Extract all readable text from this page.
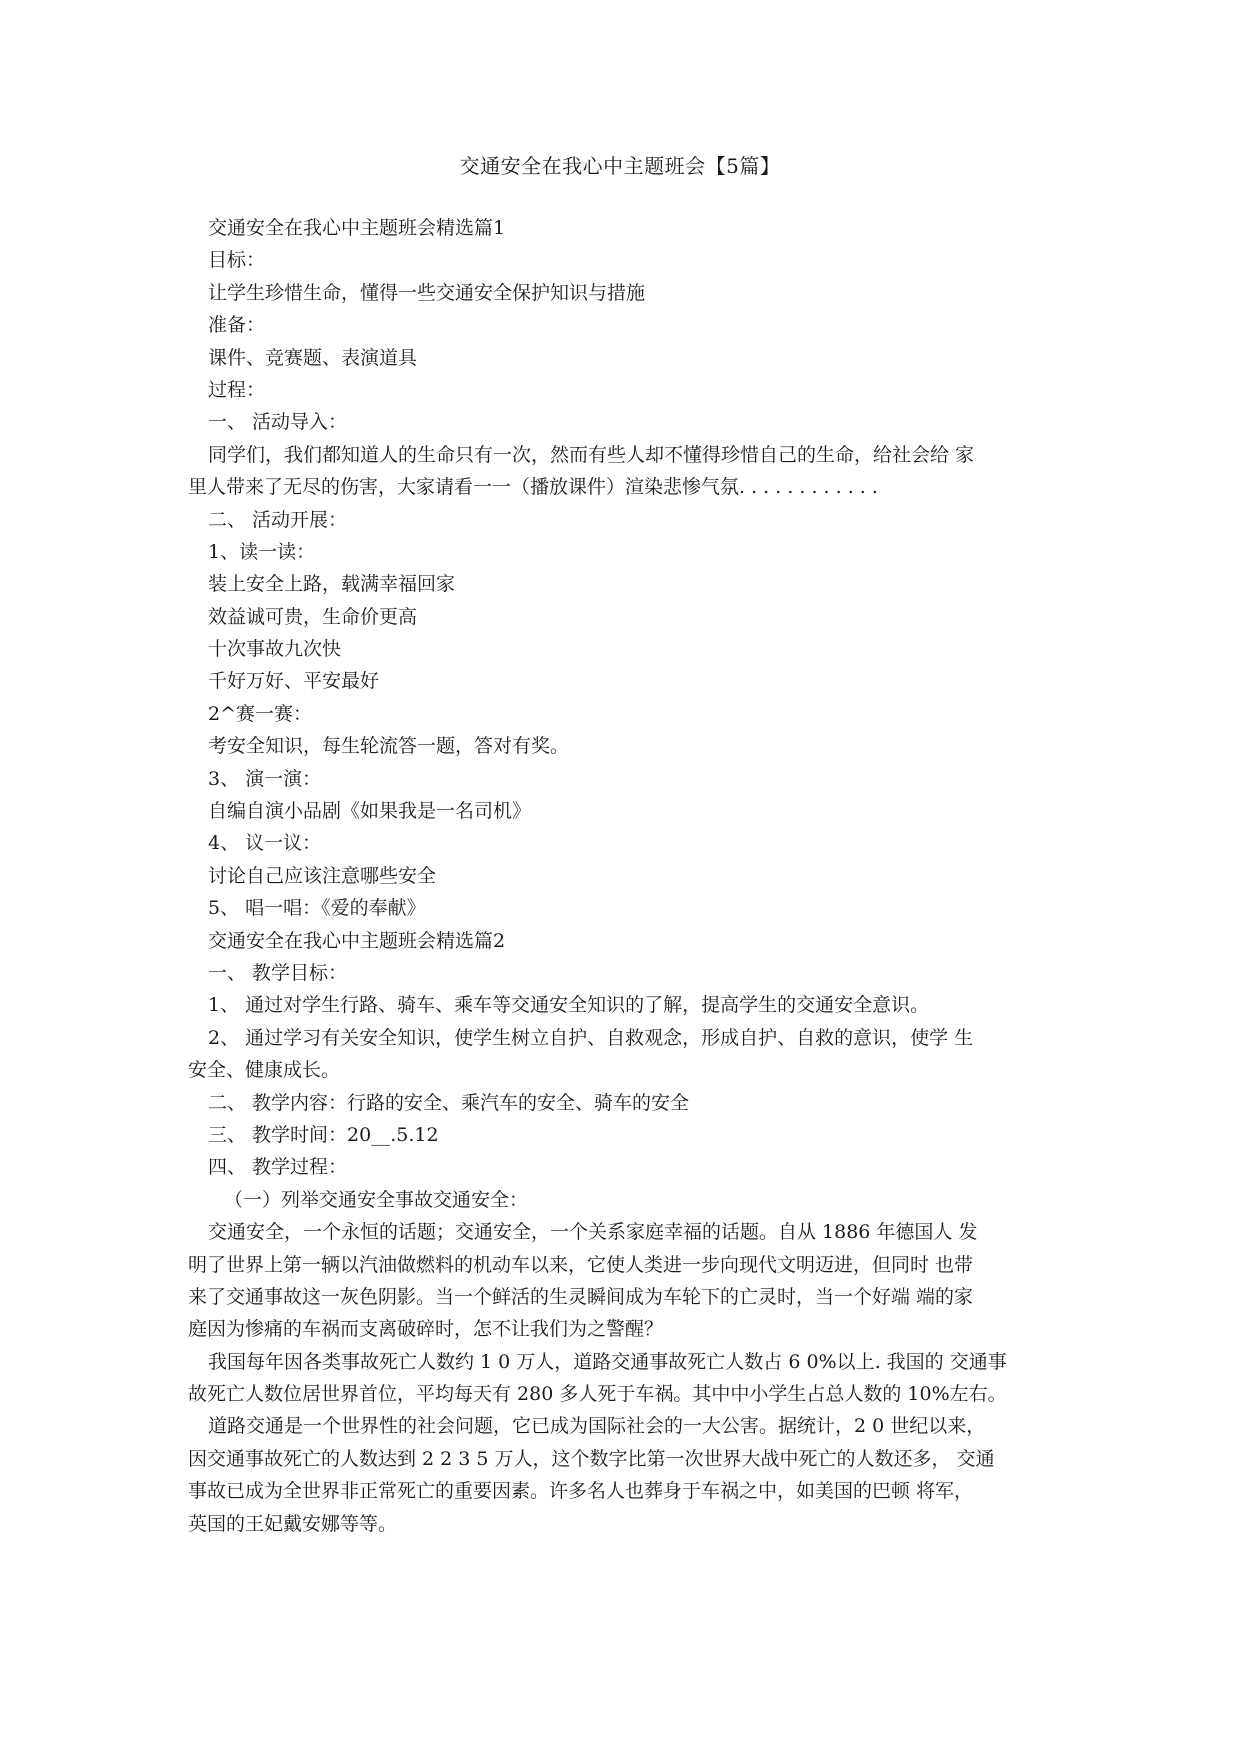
交通安全在我心中主题班会【5篇】
交通安全在我心中主题班会精选篇1
目标：
让学生珍惜生命，懂得一些交通安全保护知识与措施
准备：
课件、竞赛题、表演道具
过程：
一、 活动导入：
同学们，我们都知道人的生命只有一次，然而有些人却不懂得珍惜自己的生命，给社会给 家
里人带来了无尽的伤害，大家请看一一（播放课件）渲染悲惨气氛. . . . . . . . . . . .
二、 活动开展：
1、读一读：
装上安全上路，载满幸福回家
效益诚可贵，生命价更高
十次事故九次快
千好万好、平安最好
2^赛一赛：
考安全知识，每生轮流答一题，答对有奖。
3、 演一演：
自编自演小品剧《如果我是一名司机》
4、 议一议：
讨论自己应该注意哪些安全
5、 唱一唱：《爱的奉献》
交通安全在我心中主题班会精选篇2
一、 教学目标：
1、 通过对学生行路、骑车、乘车等交通安全知识的了解，提高学生的交通安全意识。
2、 通过学习有关安全知识，使学生树立自护、自救观念，形成自护、自救的意识，使学 生
安全、健康成长。
二、 教学内容：行路的安全、乘汽车的安全、骑车的安全
三、 教学时间：20__.5.12
四、 教学过程：
（一）列举交通安全事故交通安全：
交通安全，一个永恒的话题；交通安全，一个关系家庭幸福的话题。自从 1886 年德国人 发
明了世界上第一辆以汽油做燃料的机动车以来，它使人类进一步向现代文明迈进，但同时 也带
来了交通事故这一灰色阴影。当一个鲜活的生灵瞬间成为车轮下的亡灵时，当一个好端 端的家
庭因为惨痛的车祸而支离破碎时，怎不让我们为之警醒？
我国每年因各类事故死亡人数约 1 0 万人，道路交通事故死亡人数占 6 0%以上. 我国的 交通事
故死亡人数位居世界首位，平均每天有 280 多人死于车祸。其中中小学生占总人数的 10%左右。
道路交通是一个世界性的社会问题，它已成为国际社会的一大公害。据统计，2 0 世纪以来，
因交通事故死亡的人数达到 2 2 3 5 万人，这个数字比第一次世界大战中死亡的人数还多， 交通
事故已成为全世界非正常死亡的重要因素。许多名人也葬身于车祸之中，如美国的巴顿 将军，
英国的王妃戴安娜等等。
